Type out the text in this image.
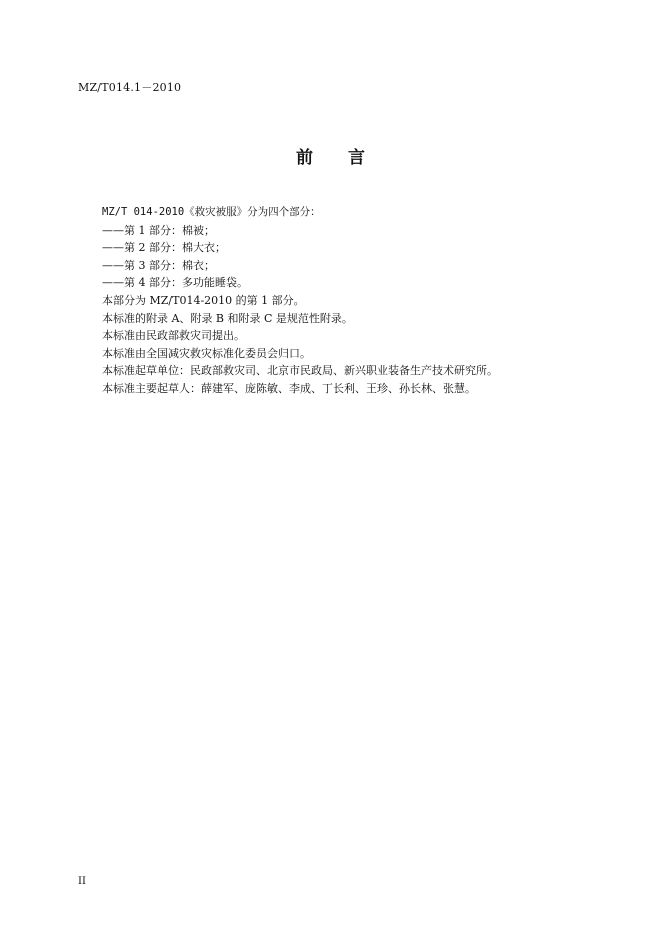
MZ/T014.1－2010
前 言
MZ/T 014-2010《救灾被服》分为四个部分：
——第 1 部分：棉被；
——第 2 部分：棉大衣；
——第 3 部分：棉衣；
——第 4 部分：多功能睡袋。
本部分为 MZ/T014-2010 的第 1 部分。
本标准的附录 A、附录 B 和附录 C 是规范性附录。
本标准由民政部救灾司提出。
本标准由全国减灾救灾标准化委员会归口。
本标准起草单位：民政部救灾司、北京市民政局、新兴职业装备生产技术研究所。
本标准主要起草人：薛建军、庞陈敏、李成、丁长利、王珍、孙长林、张慧。
II
